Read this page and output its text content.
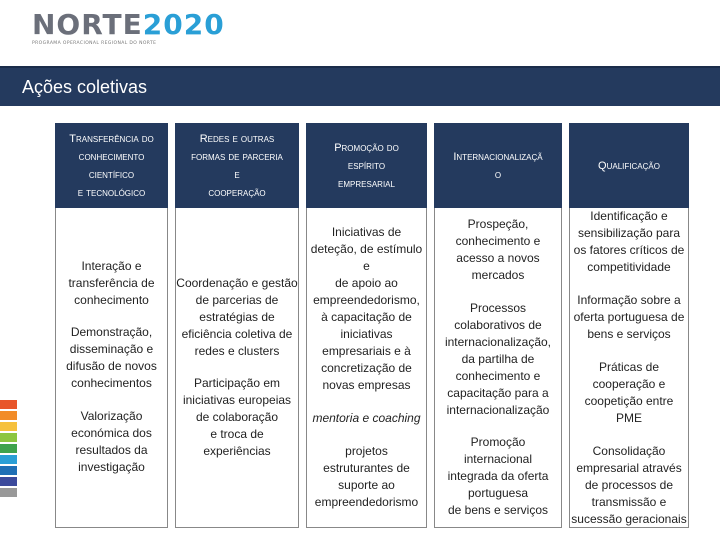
NORTE2020
PROGRAMA OPERACIONAL REGIONAL DO NORTE
Ações coletivas
Transferência do
conhecimento
científico
e tecnológico
Interação e
transferência de
conhecimento
Demonstração,
disseminação e
difusão de novos
conhecimentos
Valorização
económica dos
resultados da
investigação
Redes e outras
formas de parceria
e
cooperação
Coordenação e gestão
de parcerias de
estratégias de
eficiência coletiva de
redes e clusters
Participação em
iniciativas europeias
de colaboração
e troca de
experiências
Promoção do
espírito
empresarial
Iniciativas de
deteção, de estímulo
e
de apoio ao
empreendedorismo,
à capacitação de
iniciativas
empresariais e à
concretização de
novas empresas
mentoria e coaching
projetos
estruturantes de
suporte ao
empreendedorismo
Internacionalizaçã
o
Prospeção,
conhecimento e
acesso a novos
mercados
Processos
colaborativos de
internacionalização,
da partilha de
conhecimento e
capacitação para a
internacionalização
Promoção
internacional
integrada da oferta
portuguesa
de bens e serviços
Qualificação
Identificação e
sensibilização para
os fatores críticos de
competitividade
Informação sobre a
oferta portuguesa de
bens e serviços
Práticas de
cooperação e
coopetição entre
PME
Consolidação
empresarial através
de processos de
transmissão e
sucessão geracionais
